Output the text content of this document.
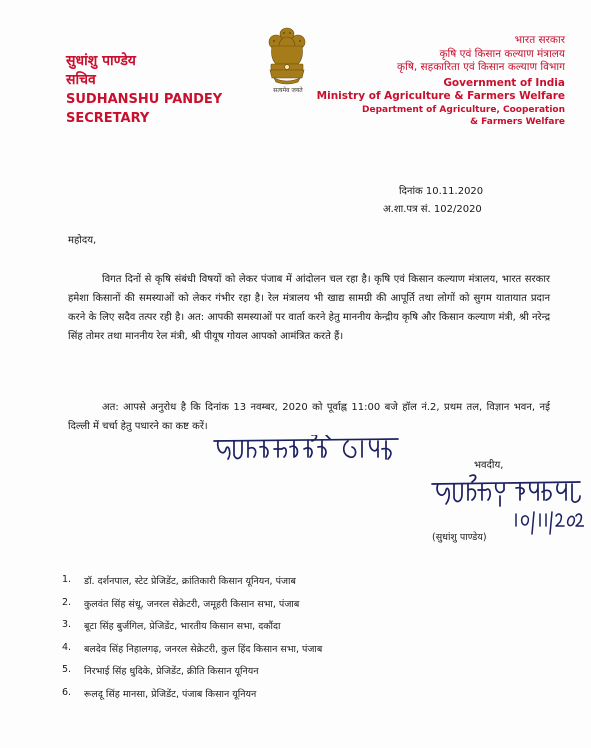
सुधांशु पाण्डेय
सचिव
SUDHANSHU PANDEY
SECRETARY
सत्यमेव जयते
भारत सरकार
कृषि एवं किसान कल्याण मंत्रालय
कृषि, सहकारिता एवं किसान कल्याण विभाग
Government of India
Ministry of Agriculture & Farmers Welfare
Department of Agriculture, Cooperation
& Farmers Welfare
दिनांक 10.11.2020
अ.शा.पत्र सं. 102/2020
महोदय,
विगत दिनों से कृषि संबंधी विषयों को लेकर पंजाब में आंदोलन चल रहा है। कृषि एवं किसान कल्याण मंत्रालय, भारत सरकार हमेशा किसानों की समस्याओं को लेकर गंभीर रहा है। रेल मंत्रालय भी खाद्य सामग्री की आपूर्ति तथा लोगों को सुगम यातायात प्रदान करने के लिए सदैव तत्पर रही है। अत: आपकी समस्याओं पर वार्ता करने हेतु माननीय केन्द्रीय कृषि और किसान कल्याण मंत्री, श्री नरेन्द्र सिंह तोमर तथा माननीय रेल मंत्री, श्री पीयूष गोयल आपको आमंत्रित करते हैं।
अत: आपसे अनुरोध है कि दिनांक 13 नवम्बर, 2020 को पूर्वाह्न 11:00 बजे हॉल नं.2, प्रथम तल, विज्ञान भवन, नई दिल्ली में चर्चा हेतु पधारने का कष्ट करें।
भवदीय,
(सुधांशु पाण्डेय)
1.	डॉ. दर्शनपाल, स्टेट प्रेजिडेंट, क्रांतिकारी किसान यूनियन, पंजाब
2.	कुलवंत सिंह संधू, जनरल सेक्रेटरी, जमूहरी किसान सभा, पंजाब
3.	बूटा सिंह बुर्जगिल, प्रेजिडेंट, भारतीय किसान सभा, दकौंदा
4.	बलदेव सिंह निहालगढ़, जनरल सेक्रेटरी, कुल हिंद किसान सभा, पंजाब
5.	निरभाई सिंह धुदिके, प्रेजिडेंट, क्रीति किसान यूनियन
6.	रूलदू सिंह मानसा, प्रेजिडेंट, पंजाब किसान यूनियन
